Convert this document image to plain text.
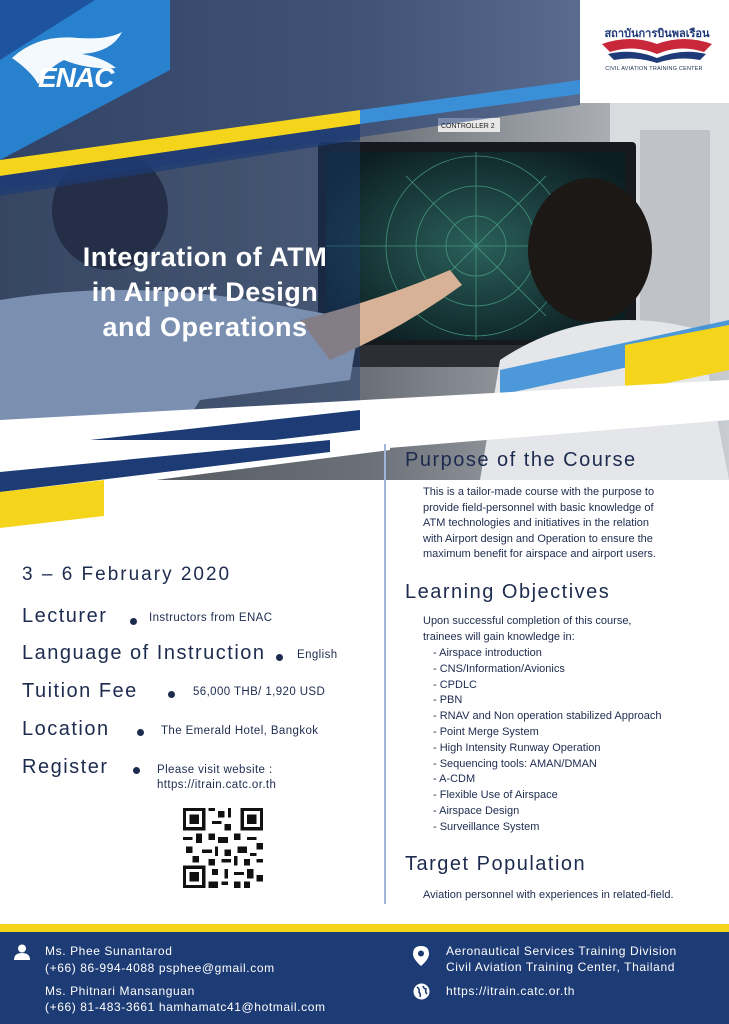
CONTROLLER 2
ENAC
สถาบันการบินพลเรือน
CIVIL AVIATION TRAINING CENTER
Integration of ATM
in Airport Design
and Operations
3 – 6 February 2020
Lecturer	Instructors from ENAC
Language of Instruction	English
Tuition Fee	56,000 THB/ 1,920 USD
Location	The Emerald Hotel, Bangkok
Register	Please visit website :
https://itrain.catc.or.th
Purpose of the Course
This is a tailor-made course with the purpose to
provide field-personnel with basic knowledge of
ATM technologies and initiatives in the relation
with Airport design and Operation to ensure the
maximum benefit for airspace and airport users.
Learning Objectives
Upon successful completion of this course,
trainees will gain knowledge in:
- Airspace introduction
- CNS/Information/Avionics
- CPDLC
- PBN
- RNAV and Non operation stabilized Approach
- Point Merge System
- High Intensity Runway Operation
- Sequencing tools: AMAN/DMAN
- A-CDM
- Flexible Use of Airspace
- Airspace Design
- Surveillance System
Target Population
Aviation personnel with experiences in related-field.
Ms. Phee Sunantarod
(+66) 86-994-4088 psphee@gmail.com
Ms. Phitnari Mansanguan
(+66) 81-483-3661 hamhamatc41@hotmail.com
Aeronautical Services Training Division
Civil Aviation Training Center, Thailand
https://itrain.catc.or.th
